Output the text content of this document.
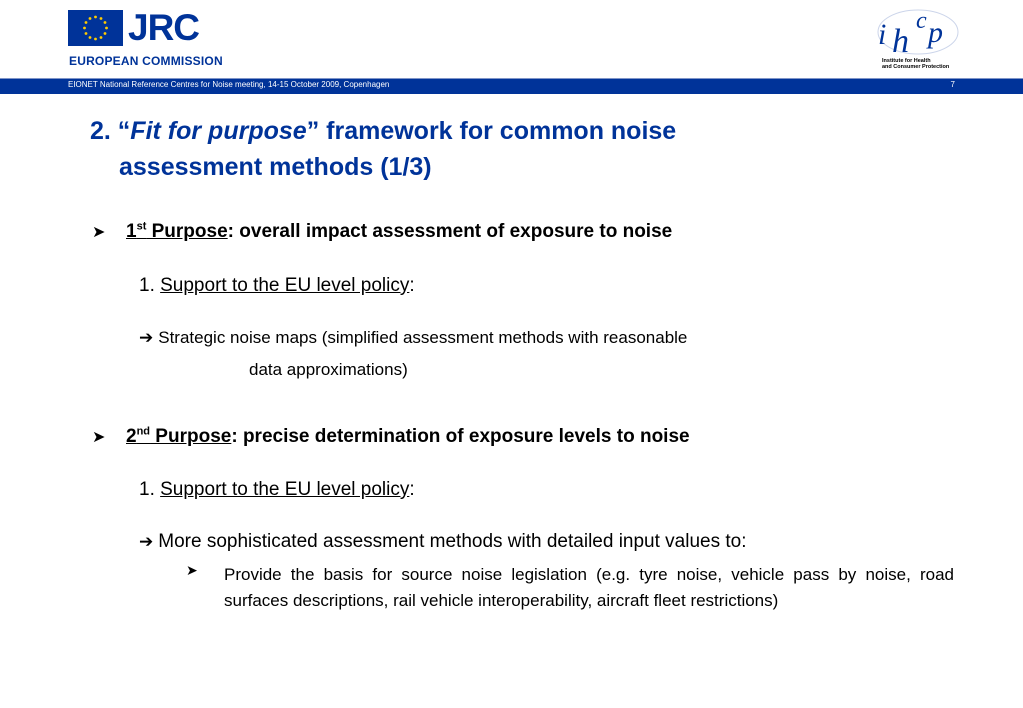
JRC
EUROPEAN COMMISSION
i h
c p
Institute for Health
and Consumer Protection
EIONET National Reference Centres for Noise meeting, 14-15 October 2009, Copenhagen	7
2. “Fit for purpose” framework for common noise
assessment methods (1/3)
➤ 1st Purpose: overall impact assessment of exposure to noise
1. Support to the EU level policy:
➔ Strategic noise maps (simplified assessment methods with reasonable
data approximations)
➤ 2nd Purpose: precise determination of exposure levels to noise
1. Support to the EU level policy:
➔ More sophisticated assessment methods with detailed input values to:
➤ Provide the basis for source noise legislation (e.g. tyre noise, vehicle pass by noise, road surfaces descriptions, rail vehicle interoperability, aircraft fleet restrictions)
